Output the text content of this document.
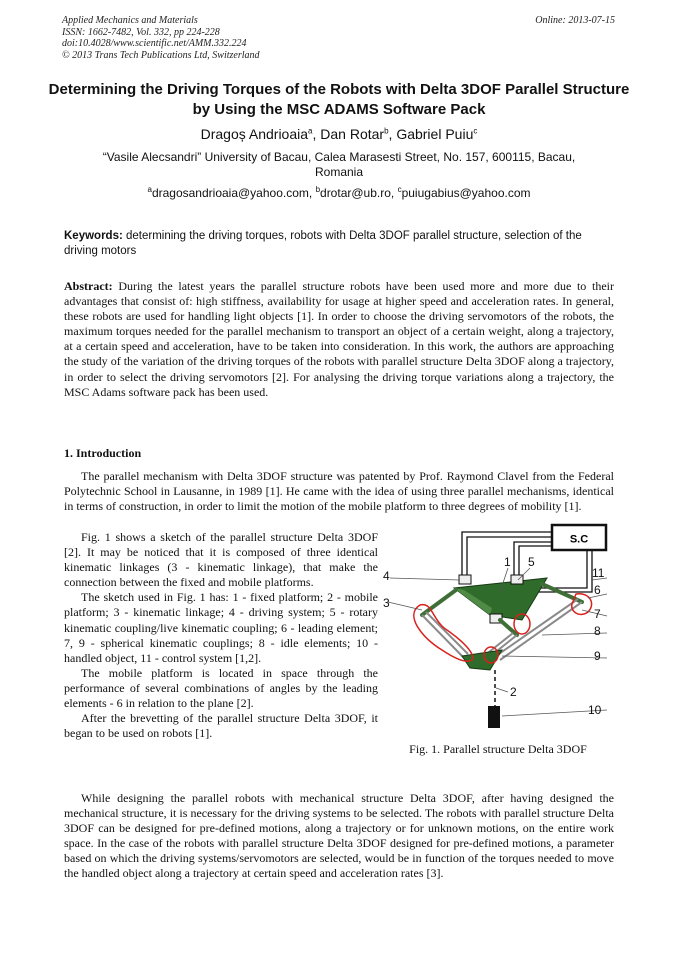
Applied Mechanics and Materials
ISSN: 1662-7482, Vol. 332, pp 224-228
doi:10.4028/www.scientific.net/AMM.332.224
© 2013 Trans Tech Publications Ltd, Switzerland
Online: 2013-07-15
Determining the Driving Torques of the Robots with Delta 3DOF Parallel Structure by Using the MSC ADAMS Software Pack

Dragoș Andrioaia$^a$, Dan Rotar$^b$, Gabriel Puiu$^c$

“Vasile Alecsandri” University of Bacau, Calea Marasesti Street, No. 157, 600115, Bacau, Romania

$^a$dragosandrioaia@yahoo.com, $^b$drotar@ub.ro, $^c$puiugabius@yahoo.com

Keywords: determining the driving torques, robots with Delta 3DOF parallel structure, selection of the driving motors

Abstract: During the latest years the parallel structure robots have been used more and more due to their advantages that consist of: high stiffness, availability for usage at higher speed and acceleration rates. In general, these robots are used for handling light objects [1]. In order to choose the driving servomotors of the robots, the maximum torques needed for the parallel mechanism to transport an object of a certain weight, along a trajectory, at a certain speed and acceleration, have to be taken into consideration. In this work, the authors are approaching the study of the variation of the driving torques of the robots with parallel structure Delta 3DOF along a trajectory, in order to select the driving servomotors [2]. For analysing the driving torque variations along a trajectory, the MSC Adams software pack has been used.

1. Introduction

The parallel mechanism with Delta 3DOF structure was patented by Prof. Raymond Clavel from the Federal Polytechnic School in Lausanne, in 1989 [1]. He came with the idea of using three parallel mechanisms, identical in terms of construction, in order to limit the motion of the mobile platform to three degrees of mobility [1].

Fig. 1 shows a sketch of the parallel structure Delta 3DOF [2]. It may be noticed that it is composed of three identical kinematic linkages (3 - kinematic linkage), that make the connection between the fixed and mobile platforms.

The sketch used in Fig. 1 has: 1 - fixed platform; 2 - mobile platform; 3 - kinematic linkage; 4 - driving system; 5 - rotary kinematic coupling/live kinematic coupling; 6 - leading element; 7, 9 - spherical kinematic couplings; 8 - idle elements; 10 - handled object, 11 - control system [1,2].

The mobile platform is located in space through the performance of several combinations of angles by the leading elements - 6 in relation to the plane [2].

After the brevetting of the parallel structure Delta 3DOF, it began to be used on robots [1].

S.C
4
3
1 5
11
6
7
8
9
2
10

Fig. 1. Parallel structure Delta 3DOF

While designing the parallel robots with mechanical structure Delta 3DOF, after having designed the mechanical structure, it is necessary for the driving systems to be selected. The robots with parallel structure Delta 3DOF can be designed for pre-defined motions, along a trajectory or for unknown motions, on the entire work space. In the case of the robots with parallel structure Delta 3DOF designed for pre-defined motions, a parameter based on which the driving systems/servomotors are selected, would be in function of the torques needed to move the handled object along a trajectory at certain speed and acceleration rates [3].
